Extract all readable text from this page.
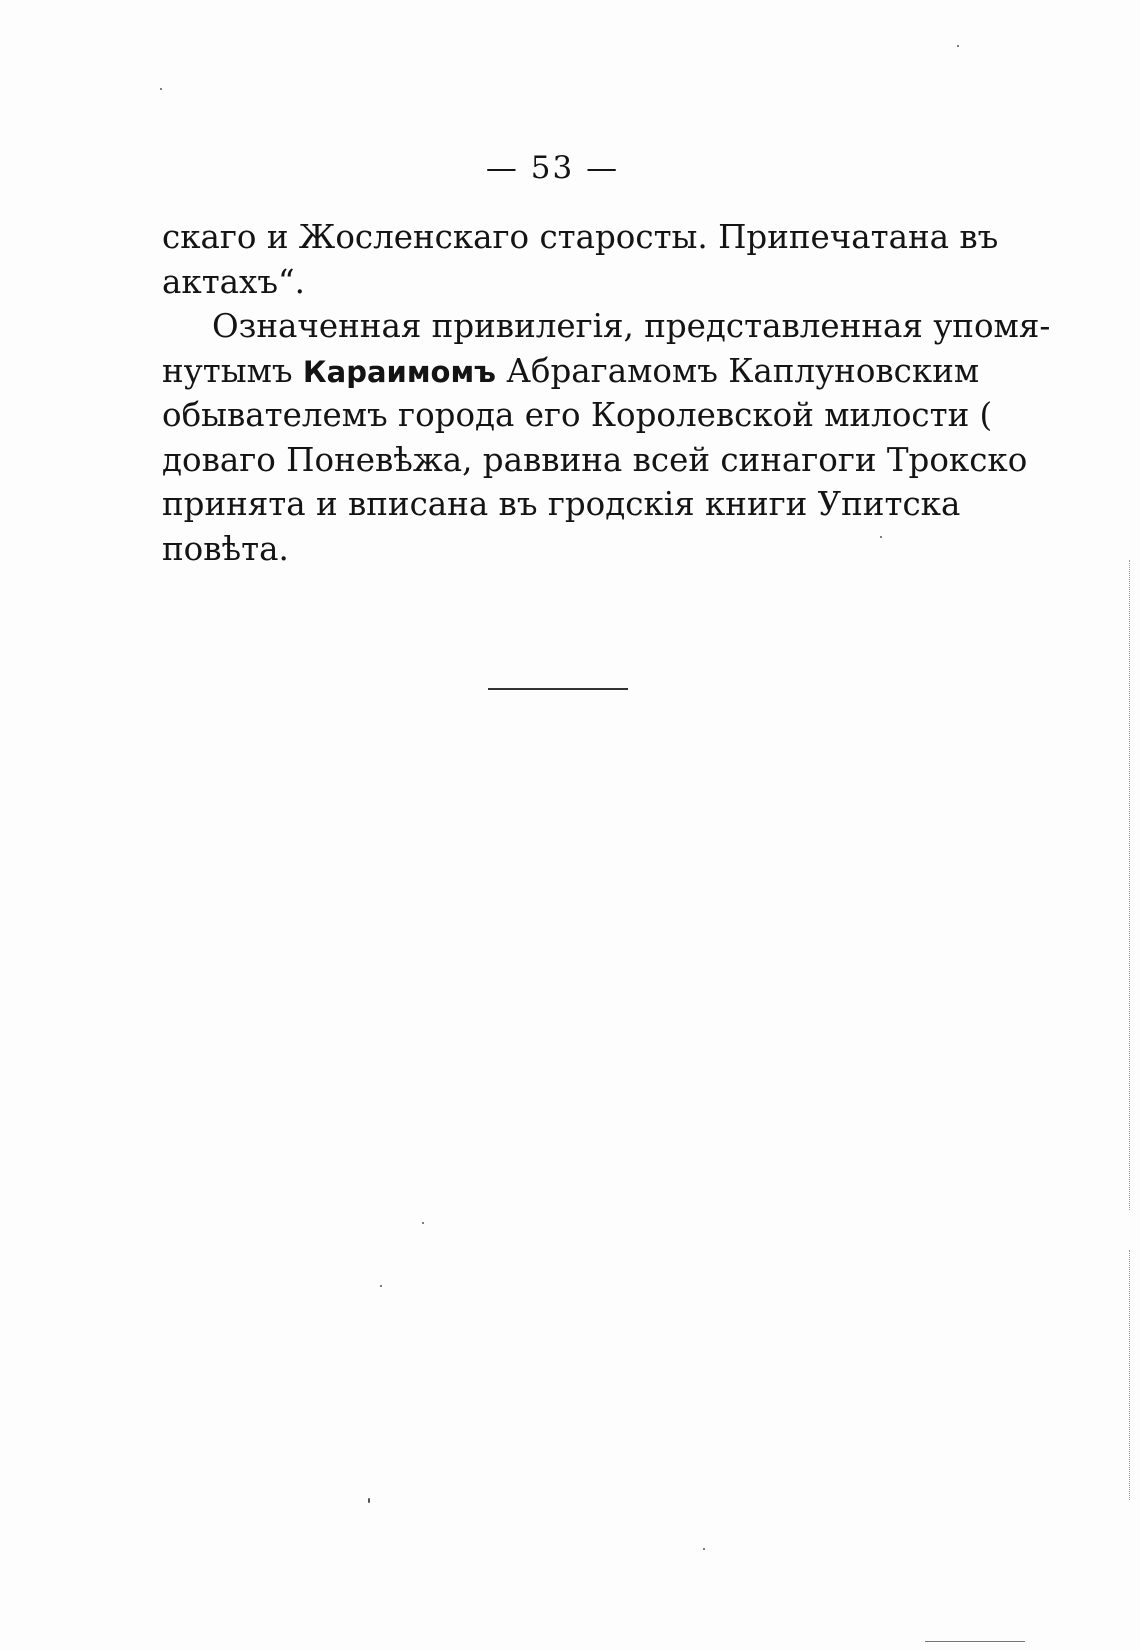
— 53 —
скаго и Жосленскаго старосты. Припечатана въ
актахъ“.
Означенная привилегія, представленная упомя-
нутымъ Караимомъ Абрагамомъ Каплуновским
обывателемъ города его Королевской милости (
доваго Поневѣжа, раввина всей синагоги Трокско
принята и вписана въ гродскія книги Упитска
повѣта.
